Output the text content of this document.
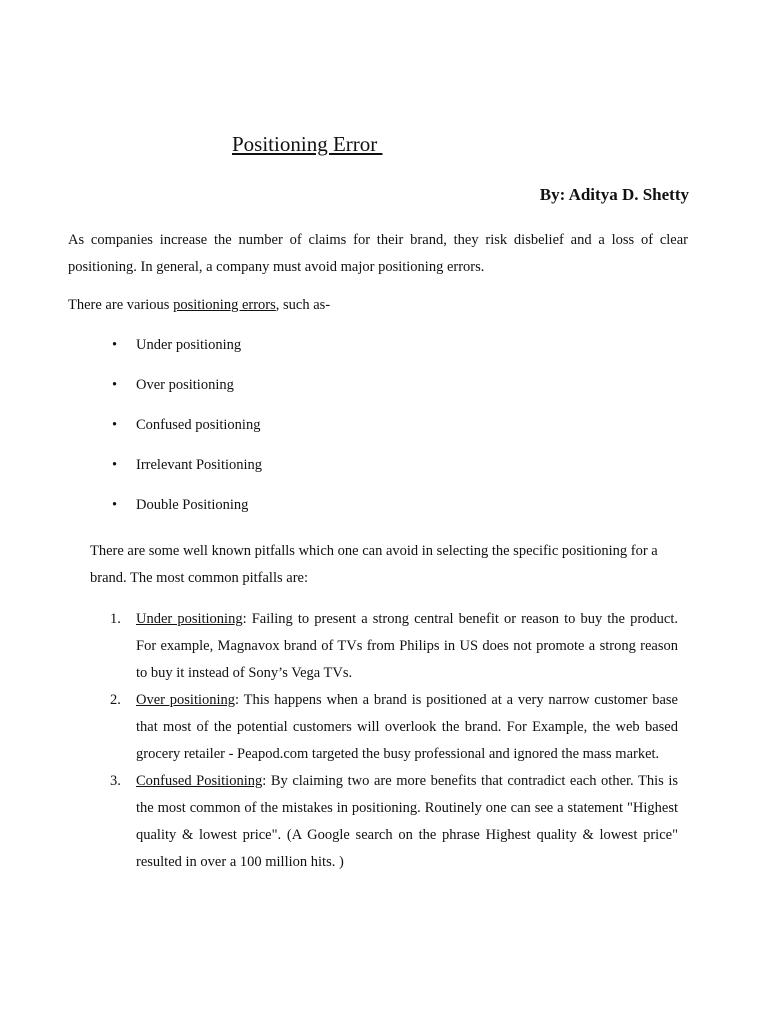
Positioning Error
By: Aditya D. Shetty

As companies increase the number of claims for their brand, they risk disbelief and a loss of clear positioning. In general, a company must avoid major positioning errors.

There are various positioning errors, such as-

• Under positioning
• Over positioning
• Confused positioning
• Irrelevant Positioning
• Double Positioning

There are some well known pitfalls which one can avoid in selecting the specific positioning for a brand. The most common pitfalls are:

1.	Under positioning: Failing to present a strong central benefit or reason to buy the product. For example, Magnavox brand of TVs from Philips in US does not promote a strong reason to buy it instead of Sony’s Vega TVs.
2.	Over positioning: This happens when a brand is positioned at a very narrow customer base that most of the potential customers will overlook the brand. For Example, the web based grocery retailer - Peapod.com targeted the busy professional and ignored the mass market.
3.	Confused Positioning: By claiming two are more benefits that contradict each other. This is the most common of the mistakes in positioning. Routinely one can see a statement "Highest quality & lowest price". (A Google search on the phrase Highest quality & lowest price" resulted in over a 100 million hits. )
